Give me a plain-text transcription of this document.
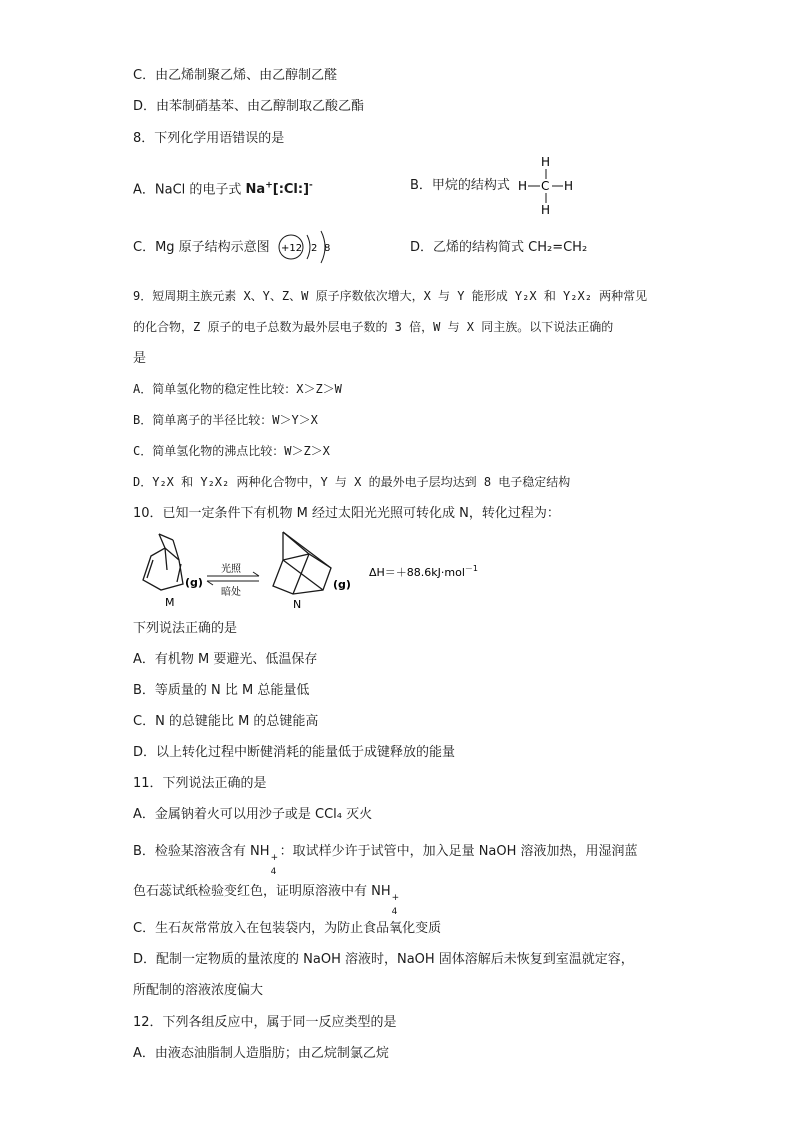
C．由乙烯制聚乙烯、由乙醇制乙醛
D．由苯制硝基苯、由乙醇制取乙酸乙酯
8．下列化学用语错误的是
A．NaCl 的电子式 Na+[:Cl:]-	B．甲烷的结构式
H
H C H
H
C．Mg 原子结构示意图 +12 2 8	D．乙烯的结构简式 CH₂=CH₂
9．短周期主族元素 X、Y、Z、W 原子序数依次增大，X 与 Y 能形成 Y₂X 和 Y₂X₂ 两种常见
的化合物，Z 原子的电子总数为最外层电子数的 3 倍，W 与 X 同主族。以下说法正确的
是
A．简单氢化物的稳定性比较：X＞Z＞W
B．简单离子的半径比较：W＞Y＞X
C．简单氢化物的沸点比较：W＞Z＞X
D．Y₂X 和 Y₂X₂ 两种化合物中，Y 与 X 的最外电子层均达到 8 电子稳定结构
10．已知一定条件下有机物 M 经过太阳光光照可转化成 N，转化过程为：
(g)
M
光照
暗处
(g)
N
ΔH＝＋88.6kJ·mol$^{-1}$
下列说法正确的是
A．有机物 M 要避光、低温保存
B．等质量的 N 比 M 总能量低
C．N 的总键能比 M 的总键能高
D．以上转化过程中断健消耗的能量低于成键释放的能量
11．下列说法正确的是
A．金属钠着火可以用沙子或是 CCl₄ 灭火
B．检验某溶液含有 NH +
4
：取试样少许于试管中，加入足量 NaOH 溶液加热，用湿润蓝
色石蕊试纸检验变红色，证明原溶液中有 NH +
4
C．生石灰常常放入在包装袋内，为防止食品氧化变质
D．配制一定物质的量浓度的 NaOH 溶液时，NaOH 固体溶解后未恢复到室温就定容，
所配制的溶液浓度偏大
12．下列各组反应中，属于同一反应类型的是
A．由液态油脂制人造脂肪；由乙烷制氯乙烷
